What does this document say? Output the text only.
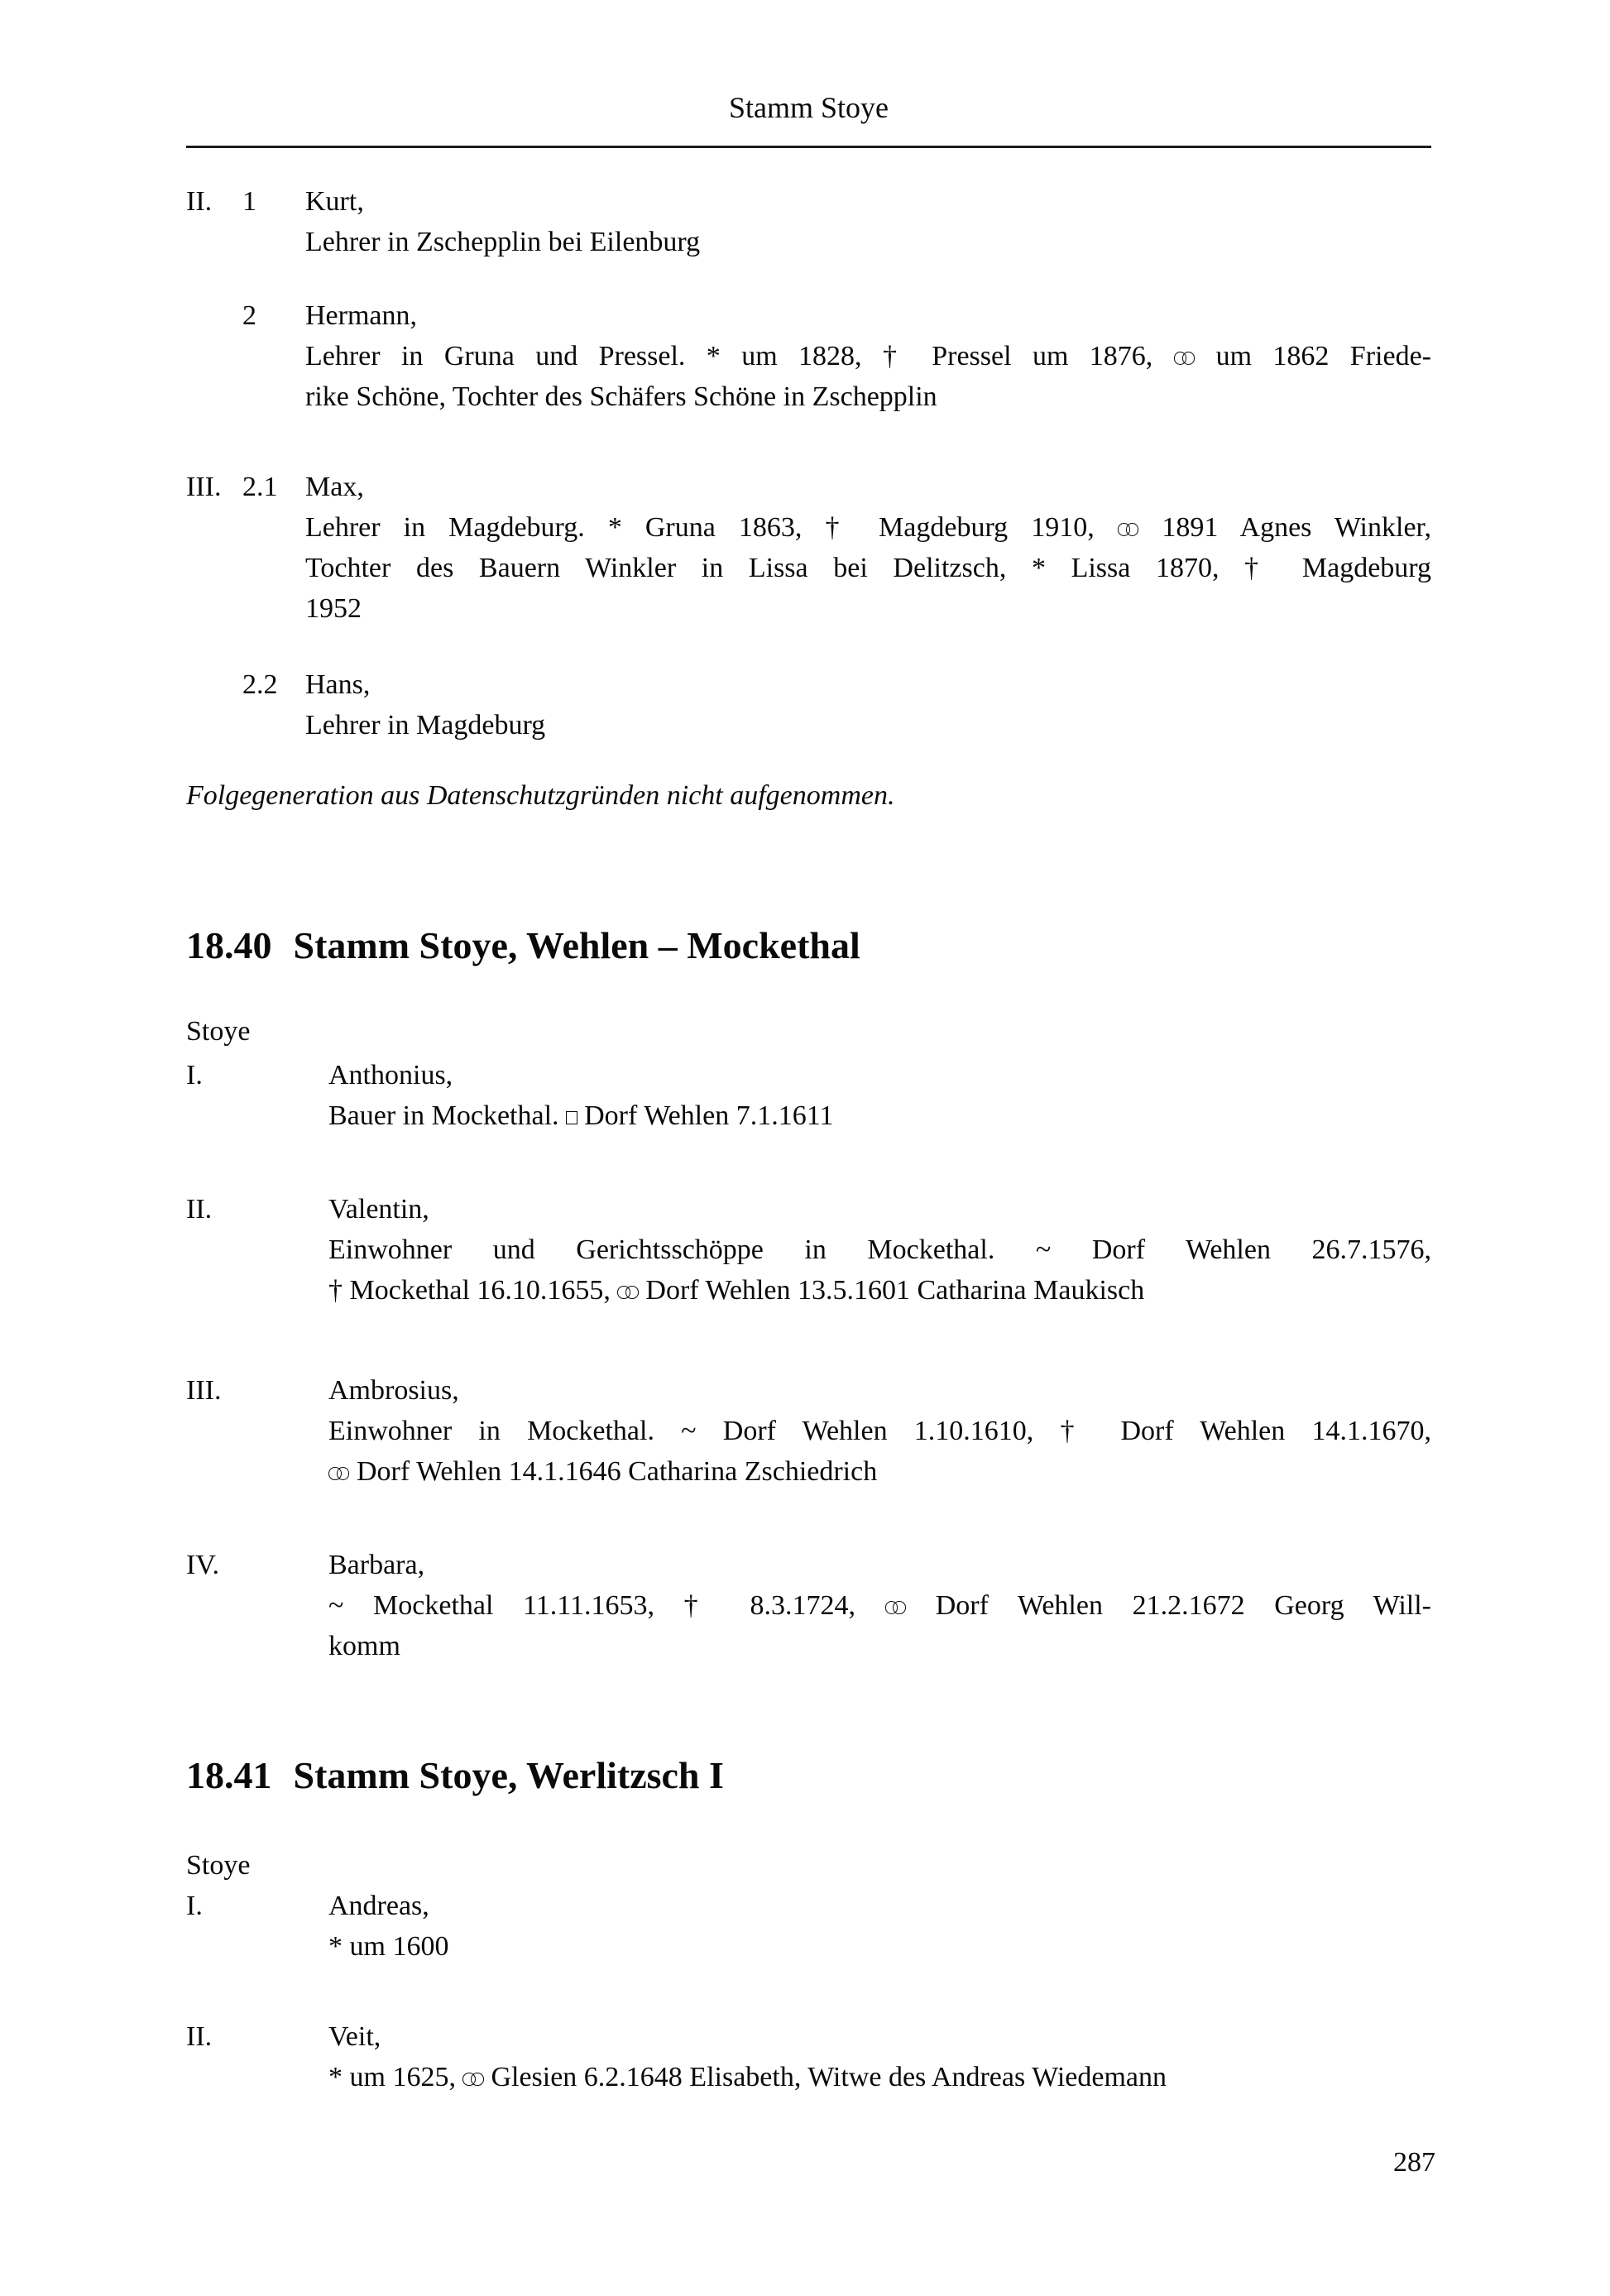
Stamm Stoye
II.	1	Kurt,
Lehrer in Zschepplin bei Eilenburg
2	Hermann,
Lehrer in Gruna und Pressel. * um 1828, † Pressel um 1876,  um 1862 Friede-
rike Schöne, Tochter des Schäfers Schöne in Zschepplin
III. 2.1 Max,
Lehrer in Magdeburg. * Gruna 1863, † Magdeburg 1910,  1891 Agnes Winkler,
Tochter des Bauern Winkler in Lissa bei Delitzsch, * Lissa 1870, † Magdeburg
1952
2.2 Hans,
Lehrer in Magdeburg
Folgegeneration aus Datenschutzgründen nicht aufgenommen.
18.40 Stamm Stoye, Wehlen – Mockethal
Stoye
I.	Anthonius,
Bauer in Mockethal.  Dorf Wehlen 7.1.1611
II.	Valentin,
Einwohner und Gerichtsschöppe in Mockethal. ~ Dorf Wehlen 26.7.1576,
† Mockethal 16.10.1655,  Dorf Wehlen 13.5.1601 Catharina Maukisch
III.	Ambrosius,
Einwohner in Mockethal. ~ Dorf Wehlen 1.10.1610, † Dorf Wehlen 14.1.1670,
Dorf Wehlen 14.1.1646 Catharina Zschiedrich
IV.	Barbara,
~ Mockethal 11.11.1653, † 8.3.1724,  Dorf Wehlen 21.2.1672 Georg Will-
komm
18.41 Stamm Stoye, Werlitzsch I
Stoye
I.	Andreas,
* um 1600
II.	Veit,
* um 1625,  Glesien 6.2.1648 Elisabeth, Witwe des Andreas Wiedemann
287
